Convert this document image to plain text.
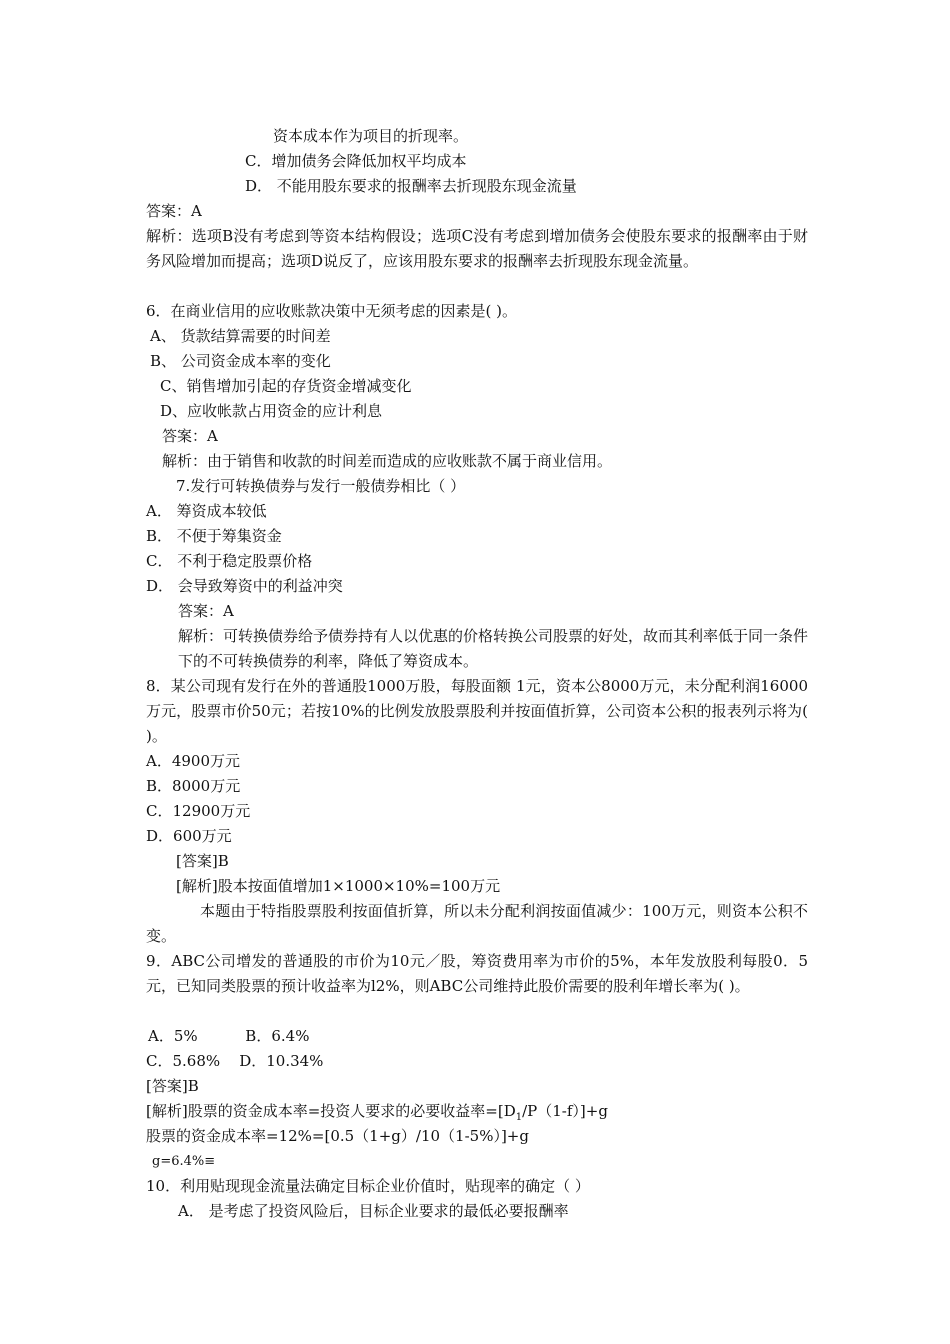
资本成本作为项目的折现率。

C．增加债务会降低加权平均成本

D． 不能用股东要求的报酬率去折现股东现金流量

答案：A

解析：选项B没有考虑到等资本结构假设；选项C没有考虑到增加债务会使股东要求的报酬率由于财务风险增加而提高；选项D说反了，应该用股东要求的报酬率去折现股东现金流量。

6．在商业信用的应收账款决策中无须考虑的因素是( )。

A、 货款结算需要的时间差

B、 公司资金成本率的变化

C、销售增加引起的存货资金增减变化

D、应收帐款占用资金的应计利息

答案：A

解析：由于销售和收款的时间差而造成的应收账款不属于商业信用。

7.发行可转换债券与发行一般债券相比（ ）

A． 筹资成本较低

B． 不便于筹集资金

C． 不利于稳定股票价格

D． 会导致筹资中的利益冲突

答案：A

解析：可转换债券给予债券持有人以优惠的价格转换公司股票的好处，故而其利率低于同一条件下的不可转换债券的利率，降低了筹资成本。

8．某公司现有发行在外的普通股1000万股，每股面额 1元，资本公8000万元，未分配利润16000万元，股票市价50元；若按10%的比例发放股票股利并按面值折算，公司资本公积的报表列示将为( )。

A．4900万元

B．8000万元

C．12900万元

D．600万元

[答案]B

[解析]股本按面值增加1×1000×10%=100万元

本题由于特指股票股利按面值折算，所以未分配利润按面值减少：100万元，则资本公积不变。

9．ABC公司增发的普通股的市价为10元／股，筹资费用率为市价的5%，本年发放股利每股0．5元，已知同类股票的预计收益率为l2%，则ABC公司维持此股价需要的股利年增长率为( )。

A．5%          B．6.4%

C．5.68%    D．10.34%

[答案]B

[解析]股票的资金成本率=投资人要求的必要收益率$=[D_1/P(1-f)]+g$

股票的资金成本率=12%=[0.5（1+g）/10（1-5%）]+g

g=6.4%≡

10．利用贴现现金流量法确定目标企业价值时，贴现率的确定（ ）

A． 是考虑了投资风险后，目标企业要求的最低必要报酬率
